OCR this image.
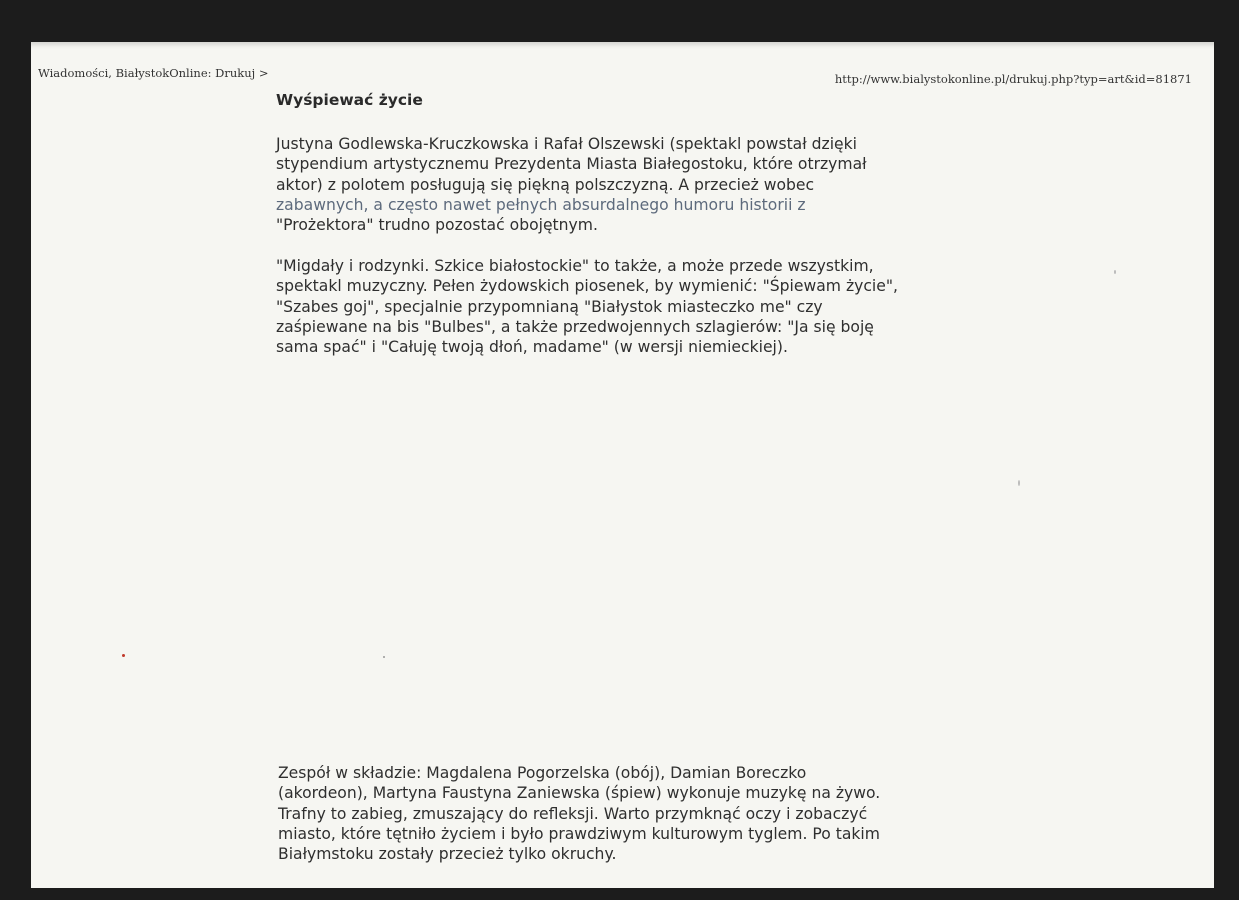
Wiadomości, BiałystokOnline: Drukuj >	http://www.bialystokonline.pl/drukuj.php?typ=art&id=81871
Wyśpiewać życie

Justyna Godlewska-Kruczkowska i Rafał Olszewski (spektakl powstał dzięki
stypendium artystycznemu Prezydenta Miasta Białegostoku, które otrzymał
aktor) z polotem posługują się piękną polszczyzną. A przecież wobec
zabawnych, a często nawet pełnych absurdalnego humoru historii z
"Prożektora" trudno pozostać obojętnym.

"Migdały i rodzynki. Szkice białostockie" to także, a może przede wszystkim,
spektakl muzyczny. Pełen żydowskich piosenek, by wymienić: "Śpiewam życie",
"Szabes goj", specjalnie przypomnianą "Białystok miasteczko me" czy
zaśpiewane na bis "Bulbes", a także przedwojennych szlagierów: "Ja się boję
sama spać" i "Całuję twoją dłoń, madame" (w wersji niemieckiej).

Zespół w składzie: Magdalena Pogorzelska (obój), Damian Boreczko
(akordeon), Martyna Faustyna Zaniewska (śpiew) wykonuje muzykę na żywo.
Trafny to zabieg, zmuszający do refleksji. Warto przymknąć oczy i zobaczyć
miasto, które tętniło życiem i było prawdziwym kulturowym tyglem. Po takim
Białymstoku zostały przecież tylko okruchy.
